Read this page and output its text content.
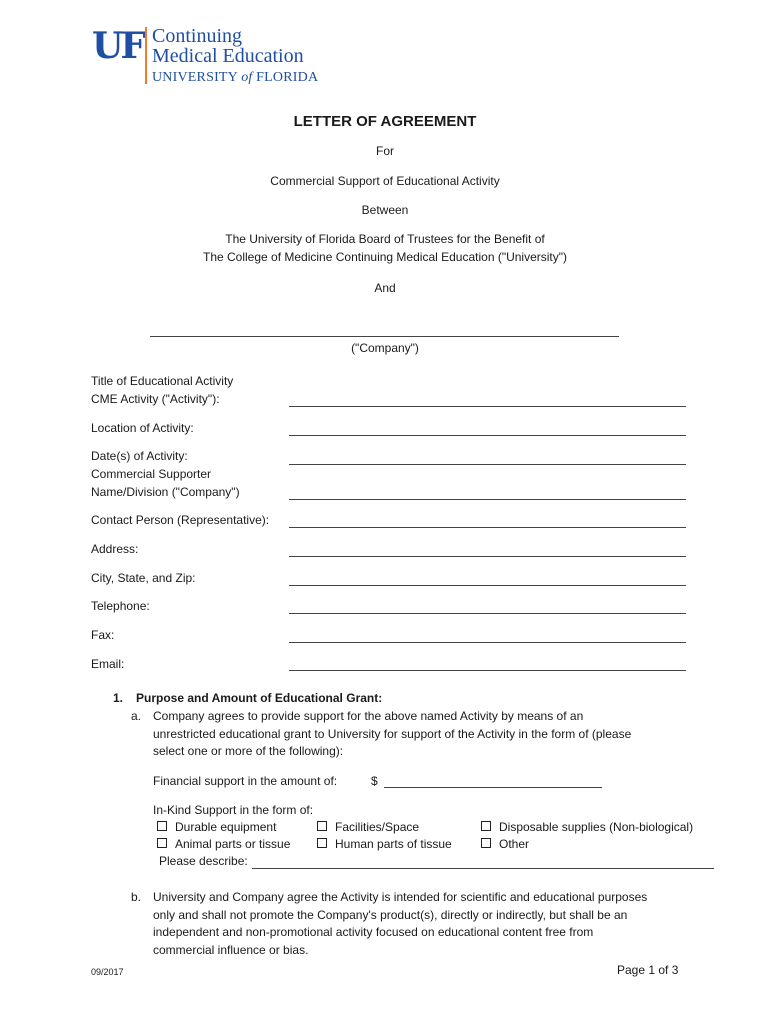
UF Continuing
Medical Education
UNIVERSITY of FLORIDA
LETTER OF AGREEMENT
For
Commercial Support of Educational Activity
Between
The University of Florida Board of Trustees for the Benefit of
The College of Medicine Continuing Medical Education ("University")
And
("Company")
Title of Educational Activity
CME Activity ("Activity"):
Location of Activity:
Date(s) of Activity:
Commercial Supporter
Name/Division ("Company")
Contact Person (Representative):
Address:
City, State, and Zip:
Telephone:
Fax:
Email:
1. Purpose and Amount of Educational Grant:
a. Company agrees to provide support for the above named Activity by means of an
unrestricted educational grant to University for support of the Activity in the form of (please
select one or more of the following):
Financial support in the amount of:	$
In-Kind Support in the form of:
Durable equipment	Facilities/Space	Disposable supplies (Non-biological)
Animal parts or tissue	Human parts of tissue	Other
Please describe:
b. University and Company agree the Activity is intended for scientific and educational purposes
only and shall not promote the Company's product(s), directly or indirectly, but shall be an
independent and non-promotional activity focused on educational content free from
commercial influence or bias.
09/2017	Page 1 of 3
